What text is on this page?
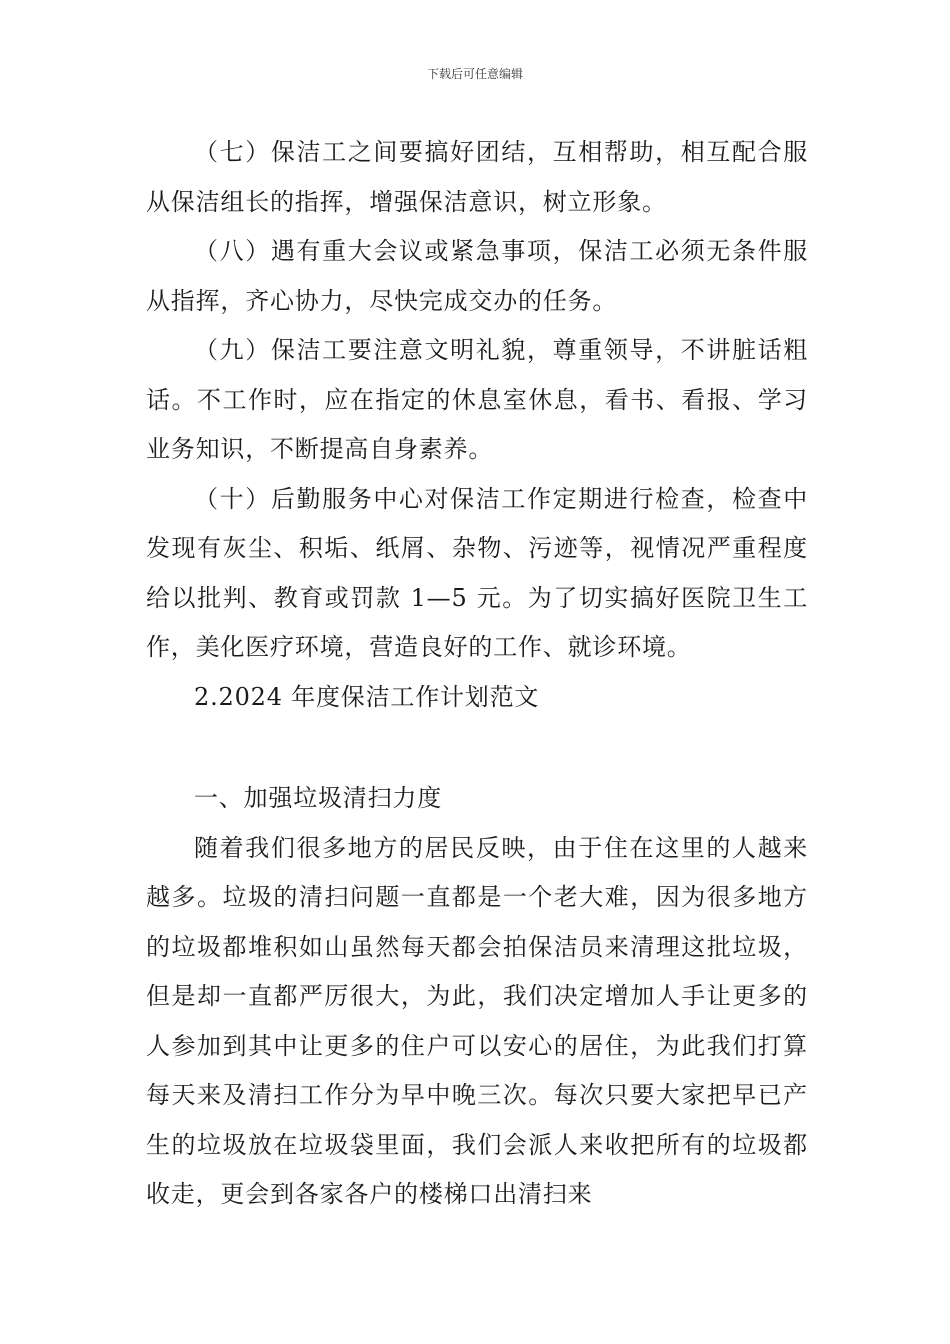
下载后可任意编辑

（七）保洁工之间要搞好团结，互相帮助，相互配合服从保洁组长的指挥，增强保洁意识，树立形象。

（八）遇有重大会议或紧急事项，保洁工必须无条件服从指挥，齐心协力，尽快完成交办的任务。

（九）保洁工要注意文明礼貌，尊重领导，不讲脏话粗话。不工作时，应在指定的休息室休息，看书、看报、学习业务知识，不断提高自身素养。

（十）后勤服务中心对保洁工作定期进行检查，检查中发现有灰尘、积垢、纸屑、杂物、污迹等，视情况严重程度给以批判、教育或罚款 1—5 元。为了切实搞好医院卫生工作，美化医疗环境，营造良好的工作、就诊环境。

2.2024 年度保洁工作计划范文

一、加强垃圾清扫力度

随着我们很多地方的居民反映，由于住在这里的人越来越多。垃圾的清扫问题一直都是一个老大难，因为很多地方的垃圾都堆积如山虽然每天都会拍保洁员来清理这批垃圾，但是却一直都严厉很大，为此，我们决定增加人手让更多的人参加到其中让更多的住户可以安心的居住，为此我们打算每天来及清扫工作分为早中晚三次。每次只要大家把早已产生的垃圾放在垃圾袋里面，我们会派人来收把所有的垃圾都收走，更会到各家各户的楼梯口出清扫来
